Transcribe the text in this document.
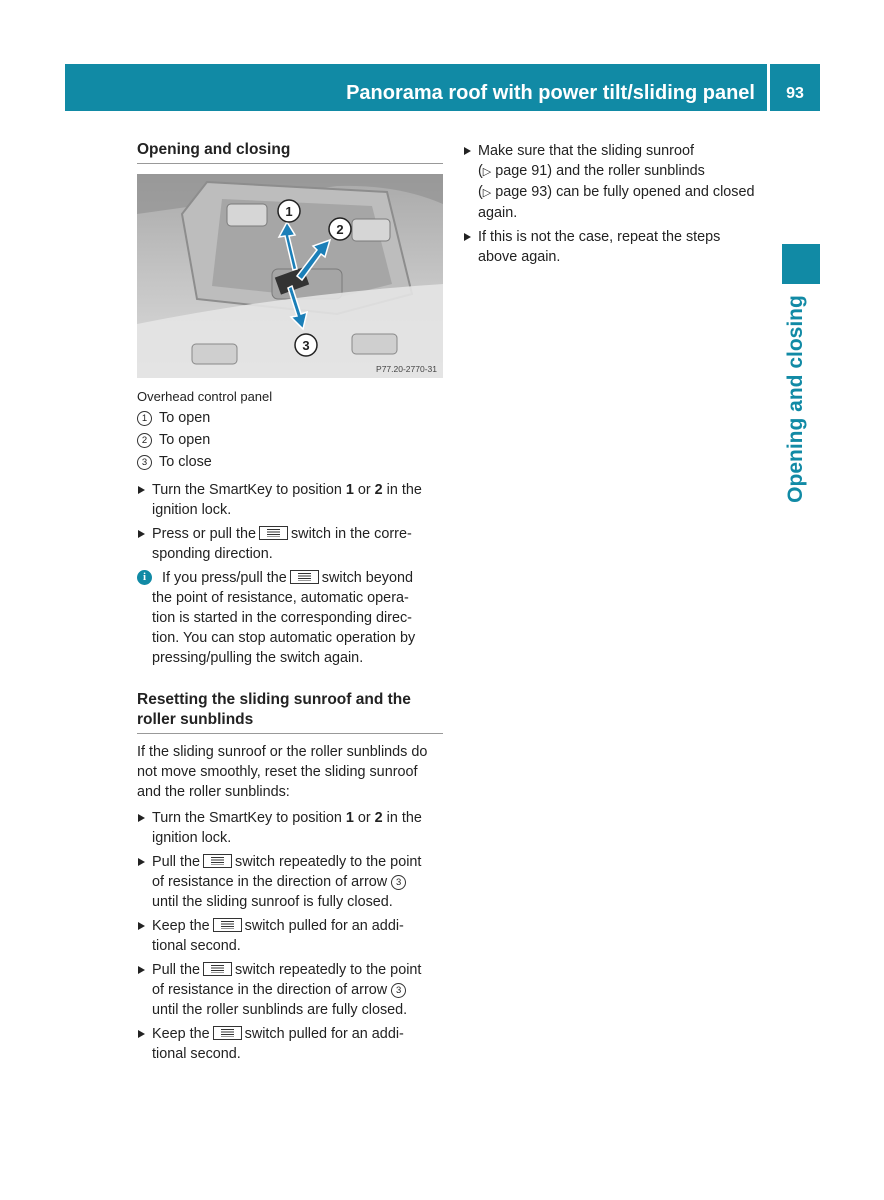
Panorama roof with power tilt/sliding panel	93
Opening and closing
Opening and closing
1
2
3
P77.20-2770-31
Overhead control panel
1 To open
2 To open
3 To close
Turn the SmartKey to position 1 or 2 in the
ignition lock.
Press or pull the switch in the corre-
sponding direction.
i	If you press/pull the switch beyond
the point of resistance, automatic opera-
tion is started in the corresponding direc-
tion. You can stop automatic operation by
pressing/pulling the switch again.
Resetting the sliding sunroof and the
roller sunblinds
If the sliding sunroof or the roller sunblinds do
not move smoothly, reset the sliding sunroof
and the roller sunblinds:
Turn the SmartKey to position 1 or 2 in the
ignition lock.
Pull the switch repeatedly to the point
of resistance in the direction of arrow 3
until the sliding sunroof is fully closed.
Keep the switch pulled for an addi-
tional second.
Pull the switch repeatedly to the point
of resistance in the direction of arrow 3
until the roller sunblinds are fully closed.
Keep the switch pulled for an addi-
tional second.
Make sure that the sliding sunroof
(▷ page 91) and the roller sunblinds
(▷ page 93) can be fully opened and closed
again.
If this is not the case, repeat the steps
above again.
